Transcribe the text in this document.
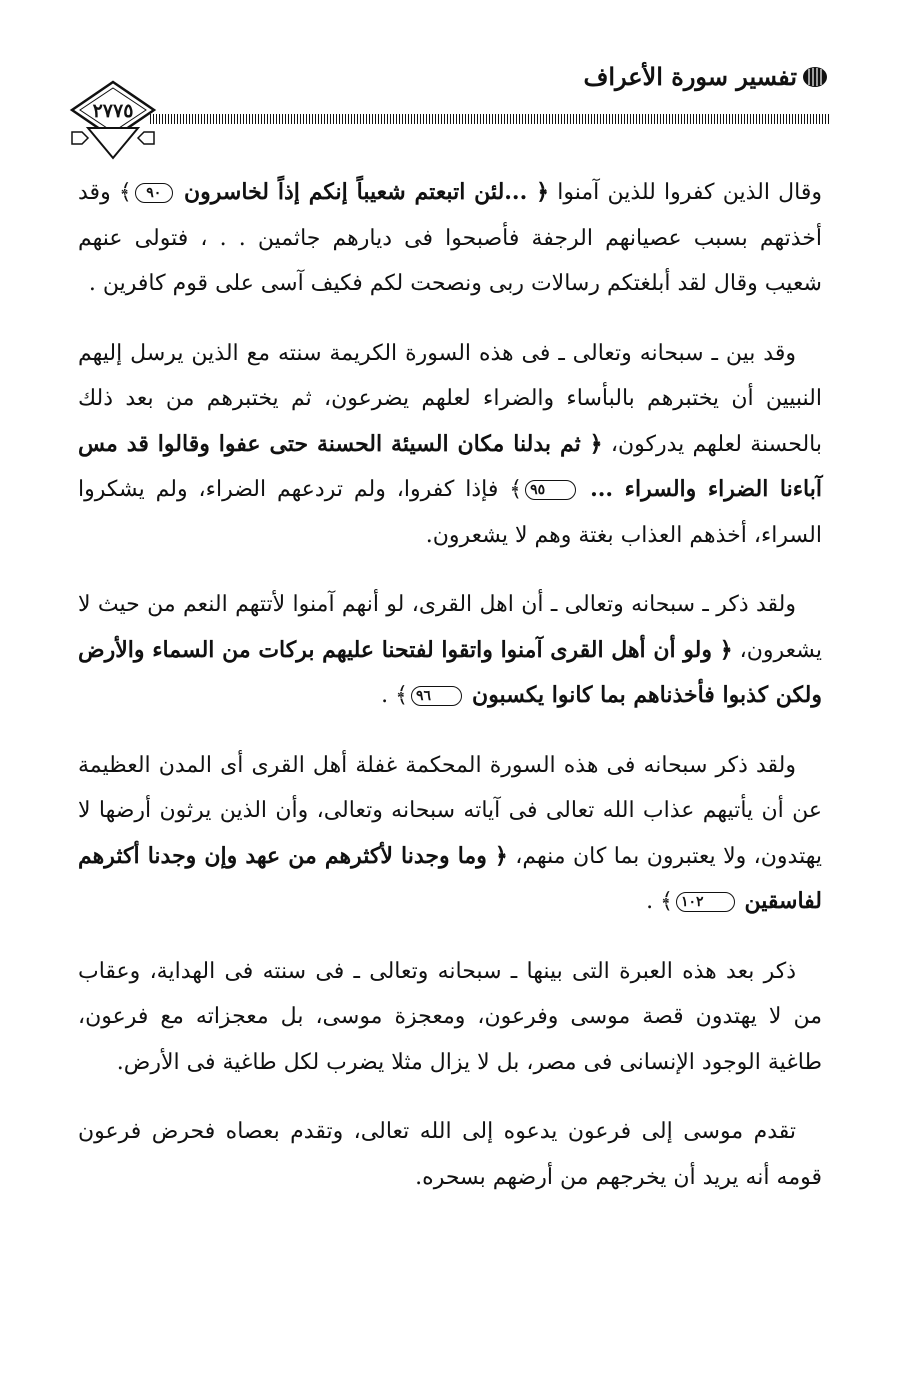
تفسير سورة الأعراف
٢٧٧٥

وقال الذين كفروا للذين آمنوا ﴿ ...لئن اتبعتم شعيباً إنكم إذاً لخاسرون ٩٠﴾ وقد أخذتهم بسبب عصيانهم الرجفة فأصبحوا فى ديارهم جاثمين . . ، فتولى عنهم شعيب وقال لقد أبلغتكم رسالات ربى ونصحت لكم فكيف آسى على قوم كافرين .

وقد بين ـ سبحانه وتعالى ـ فى هذه السورة الكريمة سنته مع الذين يرسل إليهم النبيين أن يختبرهم بالبأساء والضراء لعلهم يضرعون، ثم يختبرهم من بعد ذلك بالحسنة لعلهم يدركون، ﴿ ثم بدلنا مكان السيئة الحسنة حتى عفوا وقالوا قد مس آباءنا الضراء والسراء ... ٩٥﴾ فإذا كفروا، ولم تردعهم الضراء، ولم يشكروا السراء، أخذهم العذاب بغتة وهم لا يشعرون.

ولقد ذكر ـ سبحانه وتعالى ـ أن اهل القرى، لو أنهم آمنوا لأتتهم النعم من حيث لا يشعرون، ﴿ ولو أن أهل القرى آمنوا واتقوا لفتحنا عليهم بركات من السماء والأرض ولكن كذبوا فأخذناهم بما كانوا يكسبون ٩٦﴾ .

ولقد ذكر سبحانه فى هذه السورة المحكمة غفلة أهل القرى أى المدن العظيمة عن أن يأتيهم عذاب الله تعالى فى آياته سبحانه وتعالى، وأن الذين يرثون أرضها لا يهتدون، ولا يعتبرون بما كان منهم، ﴿ وما وجدنا لأكثرهم من عهد وإن وجدنا أكثرهم لفاسقين ١٠٢﴾ .

ذكر بعد هذه العبرة التى بينها ـ سبحانه وتعالى ـ فى سنته فى الهداية، وعقاب من لا يهتدون قصة موسى وفرعون، ومعجزة موسى، بل معجزاته مع فرعون، طاغية الوجود الإنسانى فى مصر، بل لا يزال مثلا يضرب لكل طاغية فى الأرض.

تقدم موسى إلى فرعون يدعوه إلى الله تعالى، وتقدم بعصاه فحرض فرعون قومه أنه يريد أن يخرجهم من أرضهم بسحره.
